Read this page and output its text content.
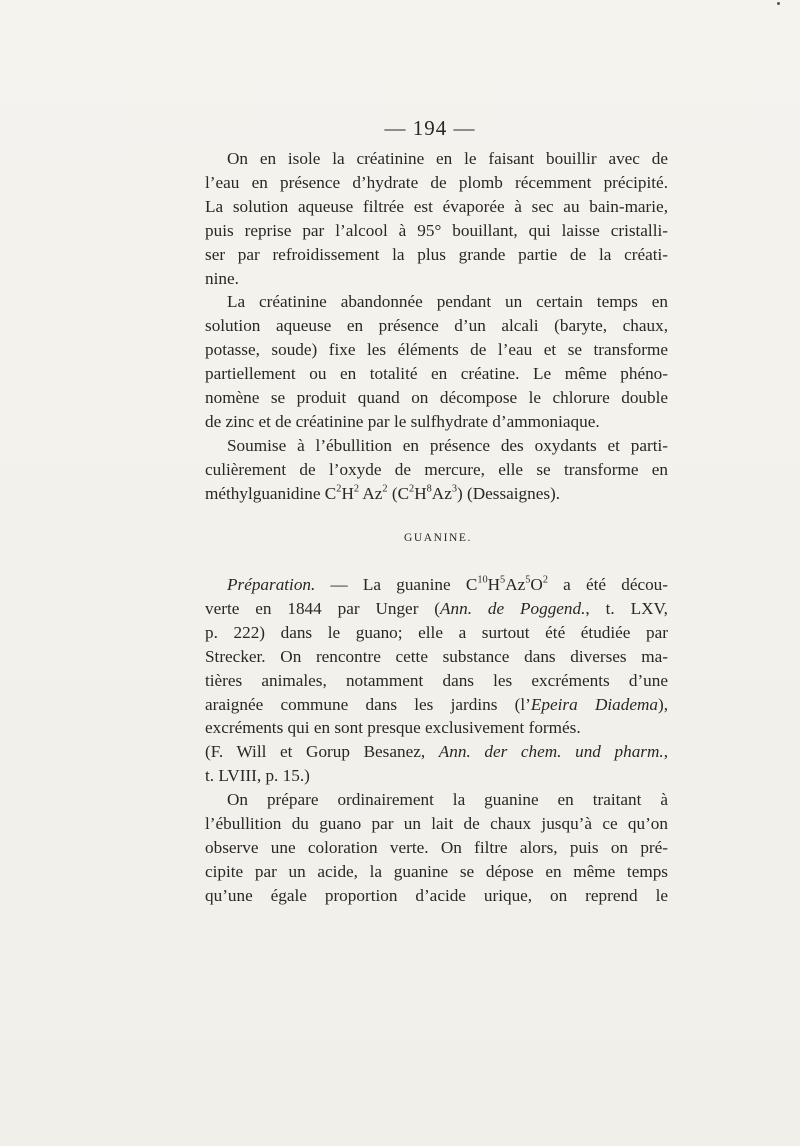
— 194 —

On en isole la créatinine en le faisant bouillir avec de
l’eau en présence d’hydrate de plomb récemment précipité.
La solution aqueuse filtrée est évaporée à sec au bain-marie,
puis reprise par l’alcool à 95° bouillant, qui laisse cristalli-
ser par refroidissement la plus grande partie de la créati-
nine.

La créatinine abandonnée pendant un certain temps en
solution aqueuse en présence d’un alcali (baryte, chaux,
potasse, soude) fixe les éléments de l’eau et se transforme
partiellement ou en totalité en créatine. Le même phéno-
nomène se produit quand on décompose le chlorure double
de zinc et de créatinine par le sulfhydrate d’ammoniaque.

Soumise à l’ébullition en présence des oxydants et parti-
culièrement de l’oxyde de mercure, elle se transforme en
méthylguanidine $C^2H^2$ Az$^2$ $(C^2H^8Az^3)$ (Dessaignes).

GUANINE.

Préparation. — La guanine $C^{10}H^5Az^5O^2$ a été décou-
verte en 1844 par Unger (Ann. de Poggend., t. LXV,
p. 222) dans le guano; elle a surtout été étudiée par
Strecker. On rencontre cette substance dans diverses ma-
tières animales, notamment dans les excréments d’une
araignée commune dans les jardins (l’Epeira Diadema),
excréments qui en sont presque exclusivement formés.
(F. Will et Gorup Besanez, Ann. der chem. und pharm.,
t. LVIII, p. 15.)

On prépare ordinairement la guanine en traitant à
l’ébullition du guano par un lait de chaux jusqu’à ce qu’on
observe une coloration verte. On filtre alors, puis on pré-
cipite par un acide, la guanine se dépose en même temps
qu’une égale proportion d’acide urique, on reprend le
